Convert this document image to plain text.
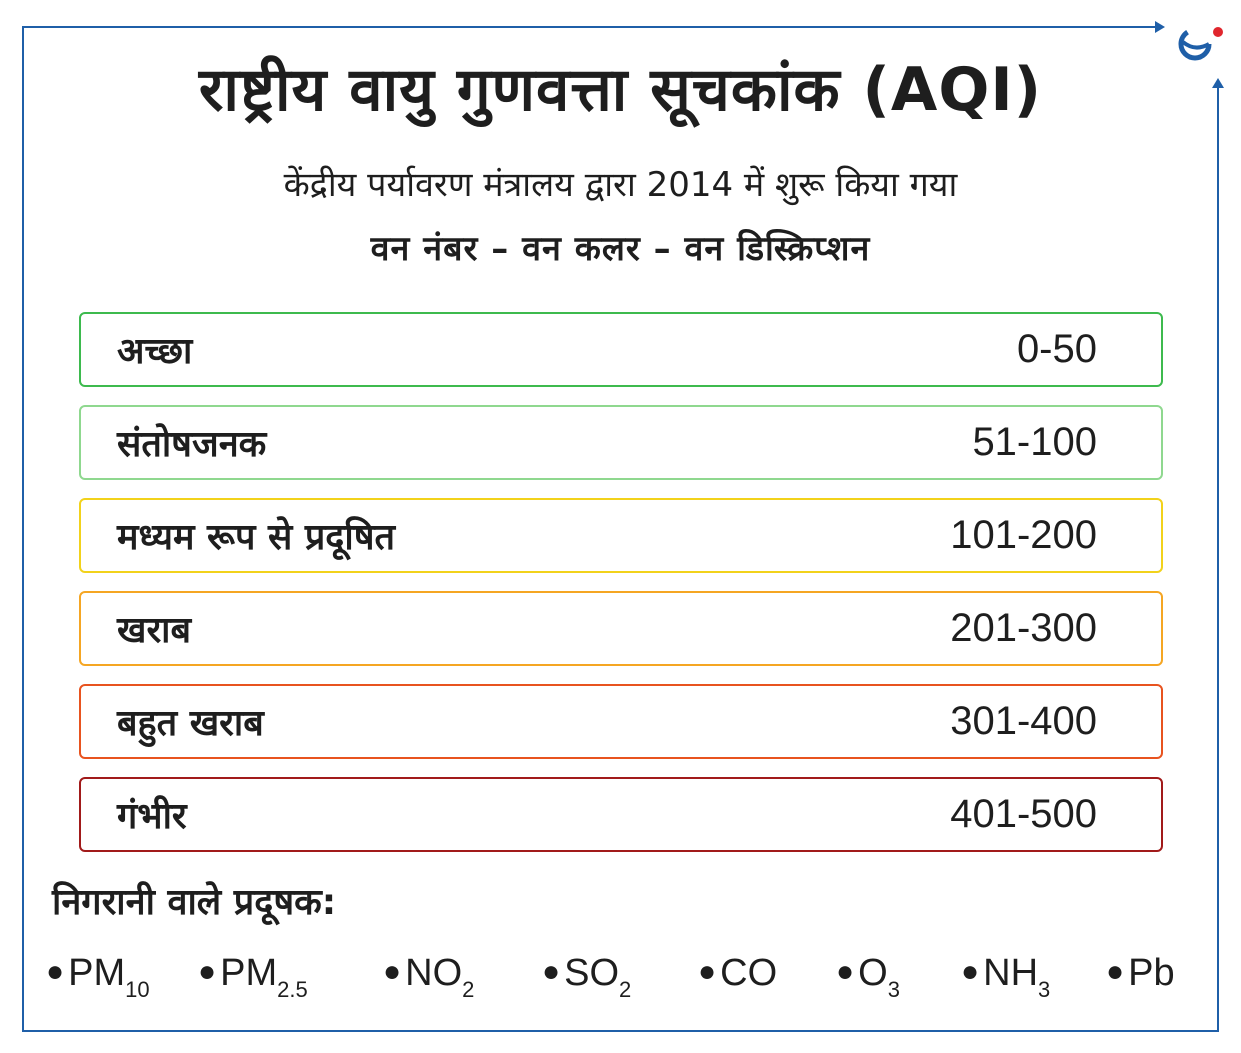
राष्ट्रीय वायु गुणवत्ता सूचकांक (AQI)
केंद्रीय पर्यावरण मंत्रालय द्वारा 2014 में शुरू किया गया
वन नंबर – वन कलर – वन डिस्क्रिप्शन
अच्छा	0-50
संतोषजनक	51-100
मध्यम रूप से प्रदूषित	101-200
खराब	201-300
बहुत खराब	301-400
गंभीर	401-500
निगरानी वाले प्रदूषक:
● $PM_{10}$
● $PM_{2.5}$
● $NO_2$
● $SO_2$
● CO ● $O_3$
● $NH_3$
● Pb
